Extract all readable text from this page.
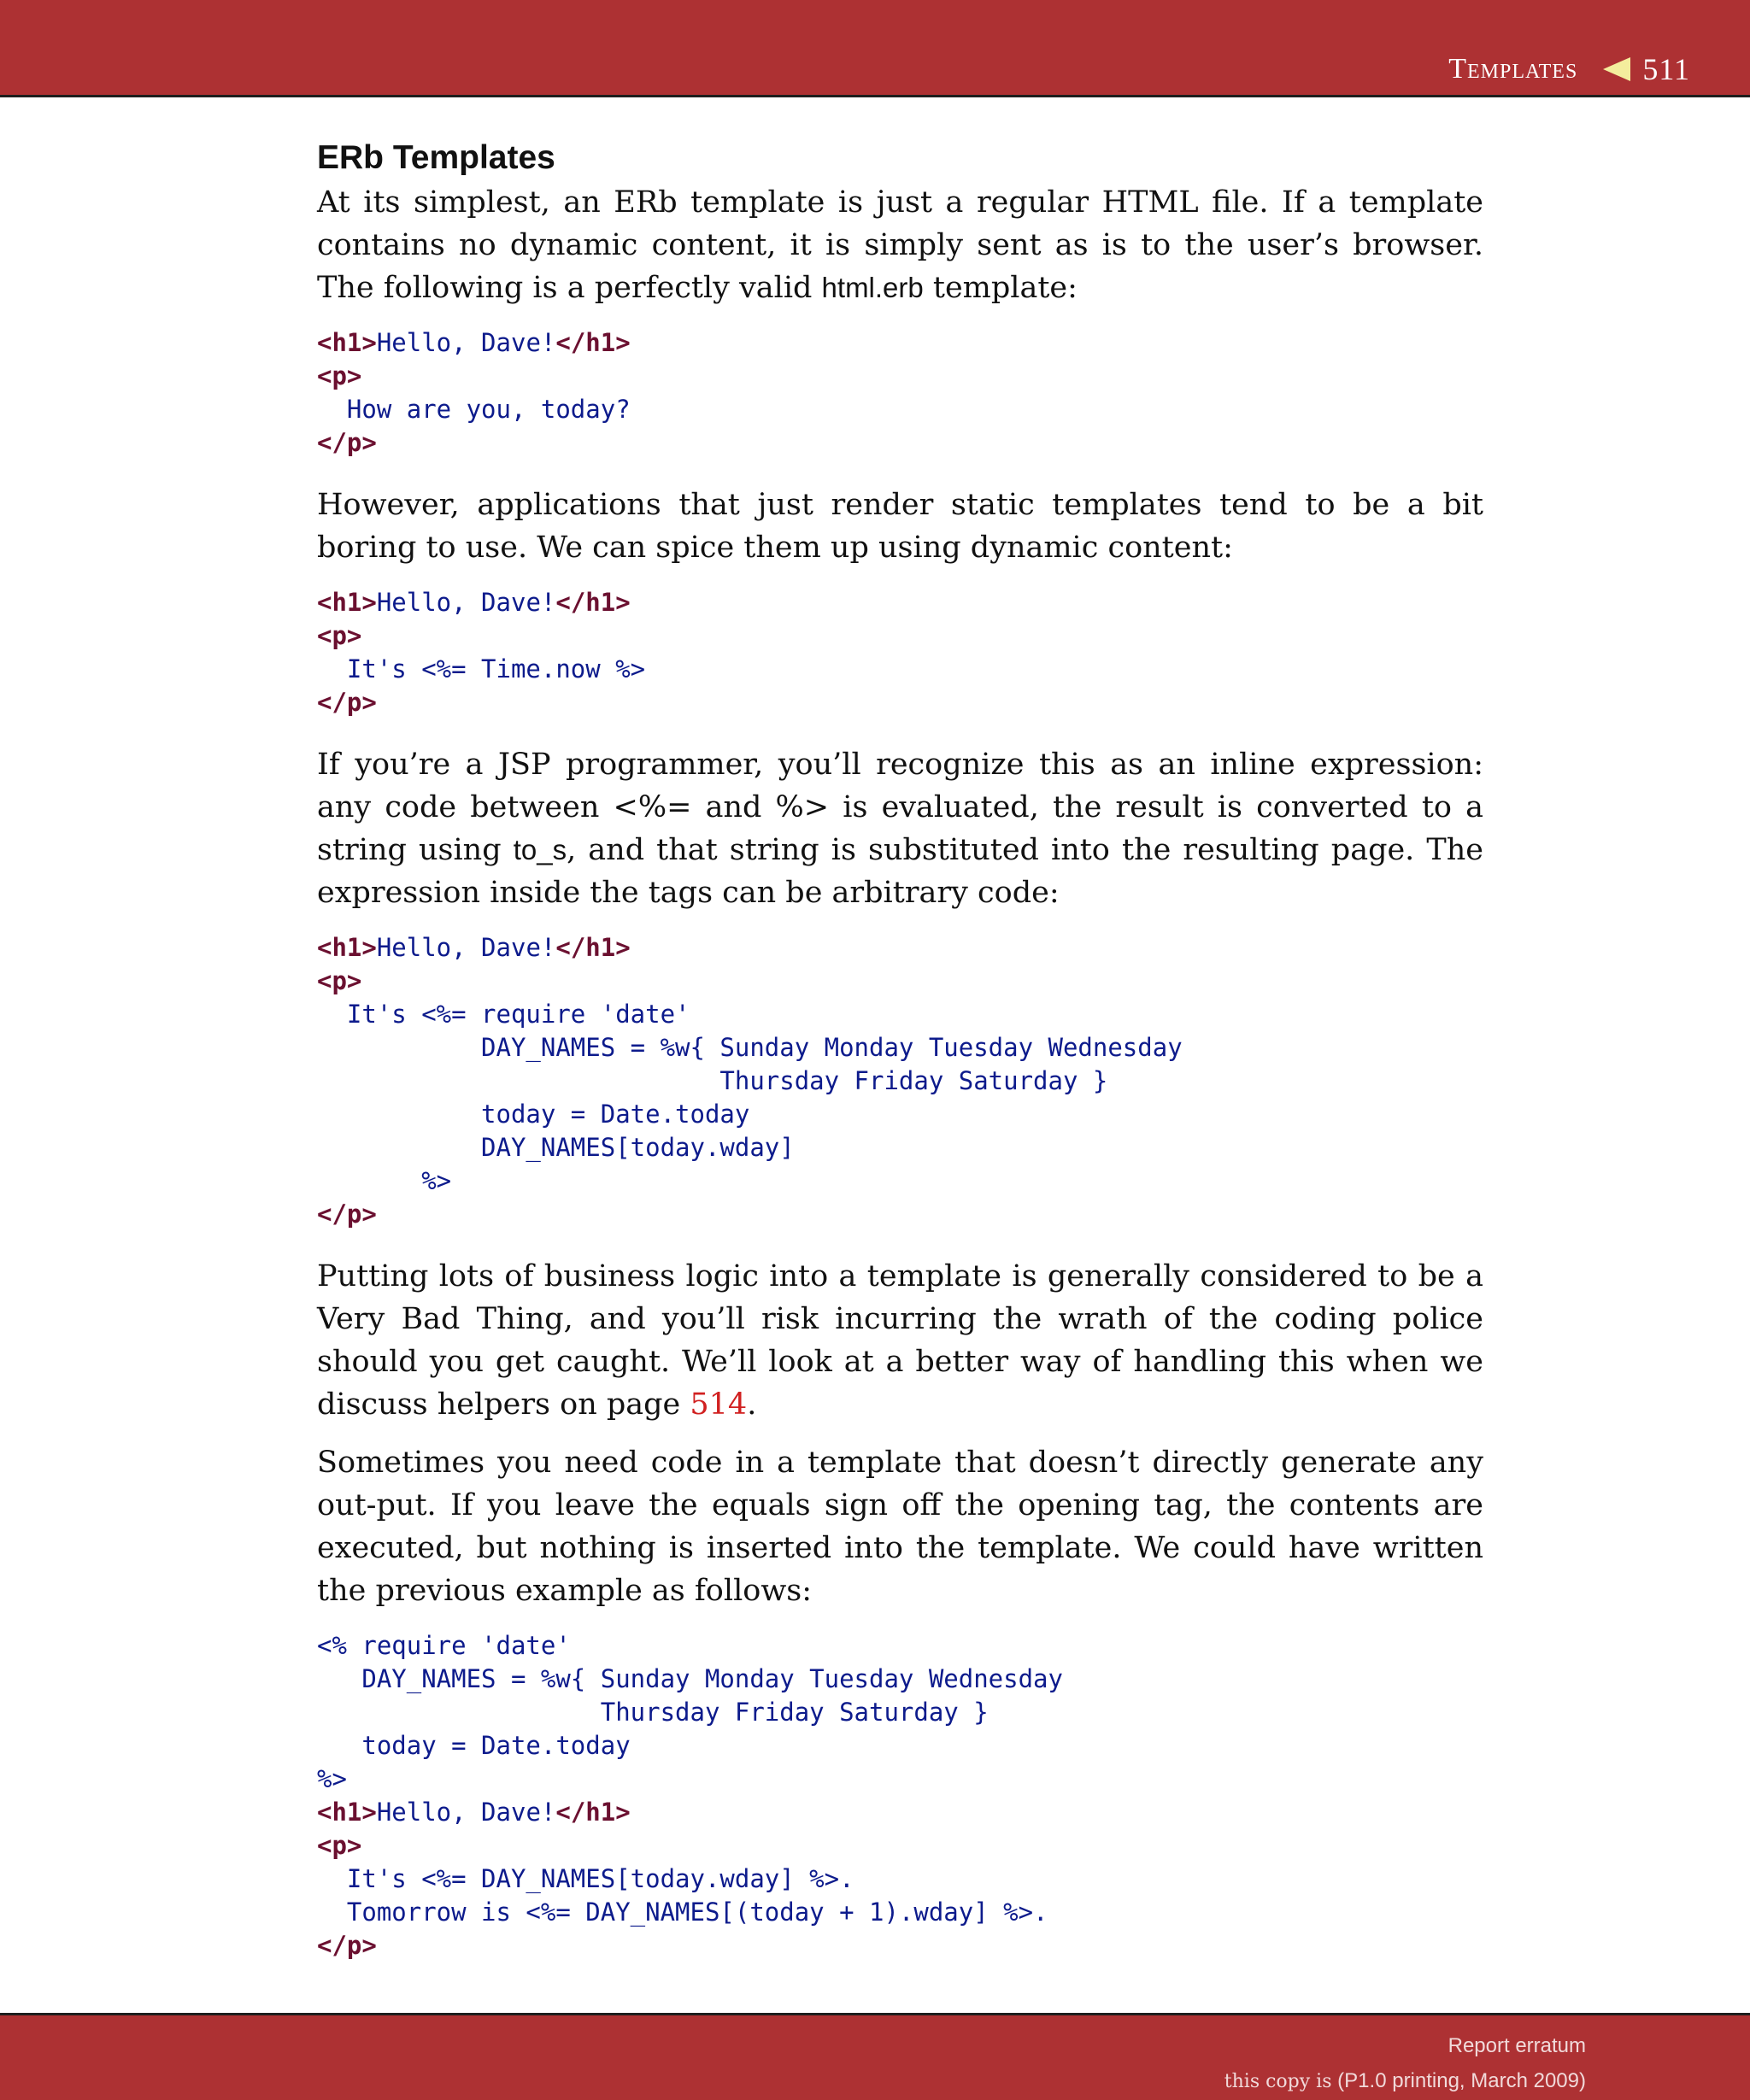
Templates 511
ERb Templates

At its simplest, an ERb template is just a regular HTML file. If a template contains no dynamic content, it is simply sent as is to the user’s browser. The following is a perfectly valid html.erb template:

<h1>Hello, Dave!</h1>
<p>
How are you, today?
</p>

However, applications that just render static templates tend to be a bit boring to use. We can spice them up using dynamic content:

<h1>Hello, Dave!</h1>
<p>
It's <%= Time.now %>
</p>

If you’re a JSP programmer, you’ll recognize this as an inline expression: any code between <%= and %> is evaluated, the result is converted to a string using to_s, and that string is substituted into the resulting page. The expression inside the tags can be arbitrary code:

<h1>Hello, Dave!</h1>
<p>
It's <%= require 'date'
DAY_NAMES = %w{ Sunday Monday Tuesday Wednesday
Thursday Friday Saturday }
today = Date.today
DAY_NAMES[today.wday]
%>
</p>

Putting lots of business logic into a template is generally considered to be a Very Bad Thing, and you’ll risk incurring the wrath of the coding police should you get caught. We’ll look at a better way of handling this when we discuss helpers on page 514.

Sometimes you need code in a template that doesn’t directly generate any out-put. If you leave the equals sign off the opening tag, the contents are executed, but nothing is inserted into the template. We could have written the previous example as follows:

<% require 'date'
DAY_NAMES = %w{ Sunday Monday Tuesday Wednesday
Thursday Friday Saturday }
today = Date.today
%>
<h1>Hello, Dave!</h1>
<p>
It's <%= DAY_NAMES[today.wday] %>.
Tomorrow is <%= DAY_NAMES[(today + 1).wday] %>.
</p>
Report erratum
this copy is (P1.0 printing, March 2009)
